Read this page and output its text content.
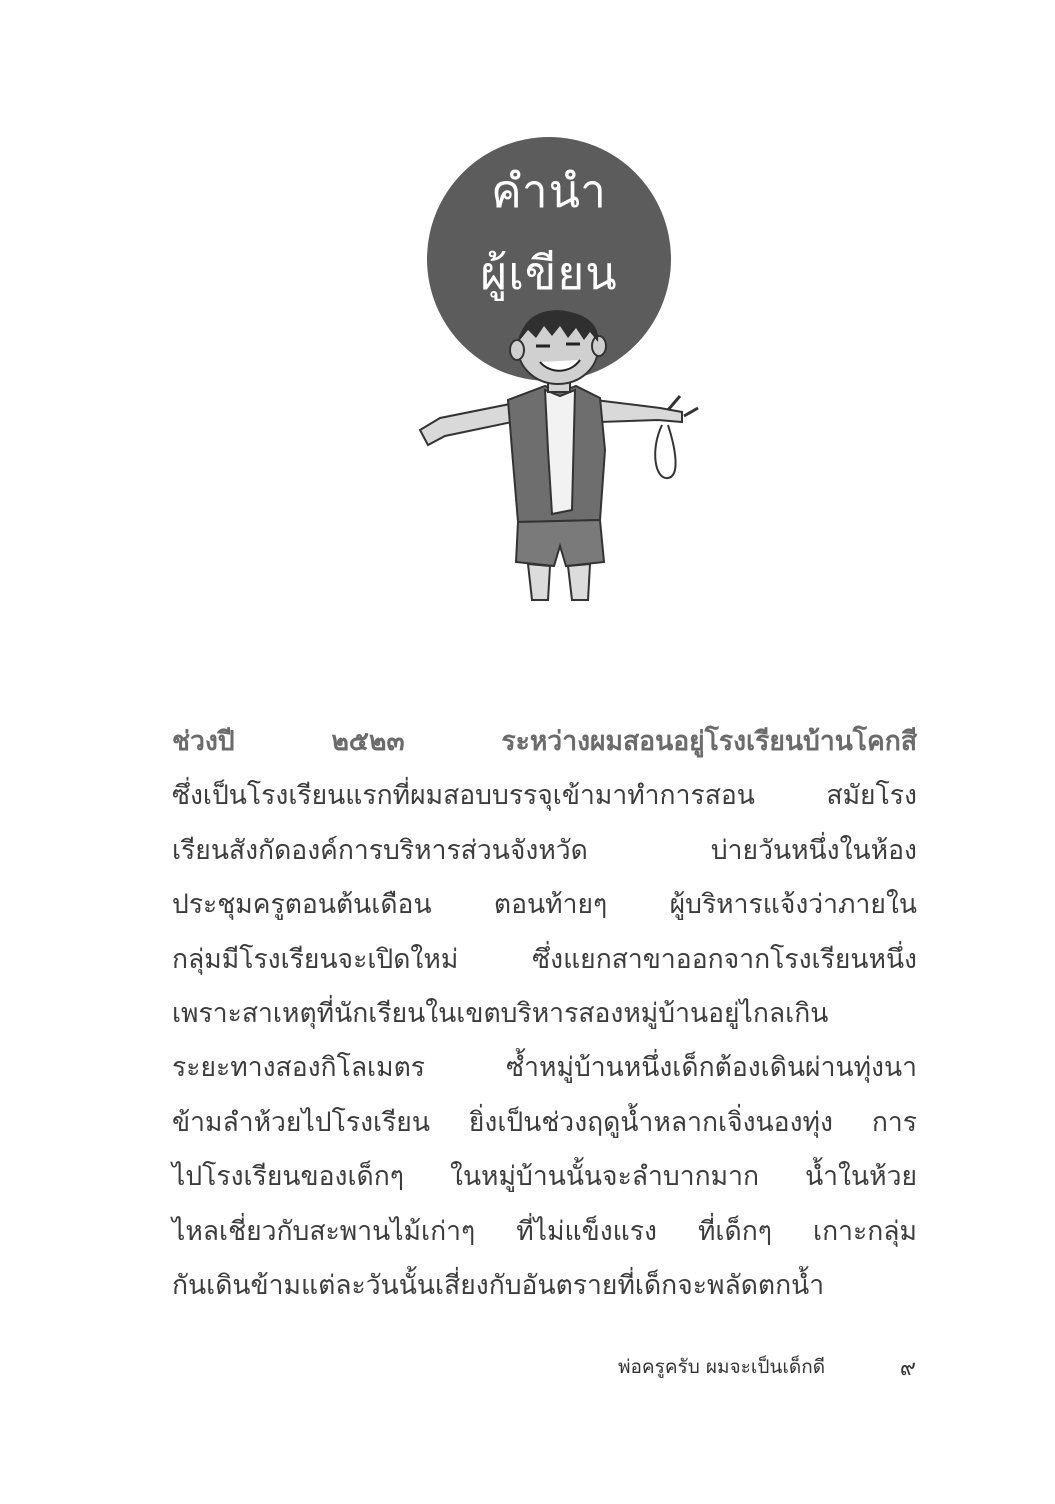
คำนำ
ผู้เขียน
ช่วงปี ๒๕๒๓ ระหว่างผมสอนอยู่โรงเรียนบ้านโคกสี
ซึ่งเป็นโรงเรียนแรกที่ผมสอบบรรจุเข้ามาทำการสอน สมัยโรง
เรียนสังกัดองค์การบริหารส่วนจังหวัด บ่ายวันหนึ่งในห้อง
ประชุมครูตอนต้นเดือน ตอนท้ายๆ ผู้บริหารแจ้งว่าภายใน
กลุ่มมีโรงเรียนจะเปิดใหม่ ซึ่งแยกสาขาออกจากโรงเรียนหนึ่ง
เพราะสาเหตุที่นักเรียนในเขตบริหารสองหมู่บ้านอยู่ไกลเกิน
ระยะทางสองกิโลเมตร ซ้ำหมู่บ้านหนึ่งเด็กต้องเดินผ่านทุ่งนา
ข้ามลำห้วยไปโรงเรียน ยิ่งเป็นช่วงฤดูน้ำหลากเจิ่งนองทุ่ง การ
ไปโรงเรียนของเด็กๆ ในหมู่บ้านนั้นจะลำบากมาก น้ำในห้วย
ไหลเชี่ยวกับสะพานไม้เก่าๆ ที่ไม่แข็งแรง ที่เด็กๆ เกาะกลุ่ม
กันเดินข้ามแต่ละวันนั้นเสี่ยงกับอันตรายที่เด็กจะพลัดตกน้ำ
พ่อครูครับ ผมจะเป็นเด็กดี	๙
